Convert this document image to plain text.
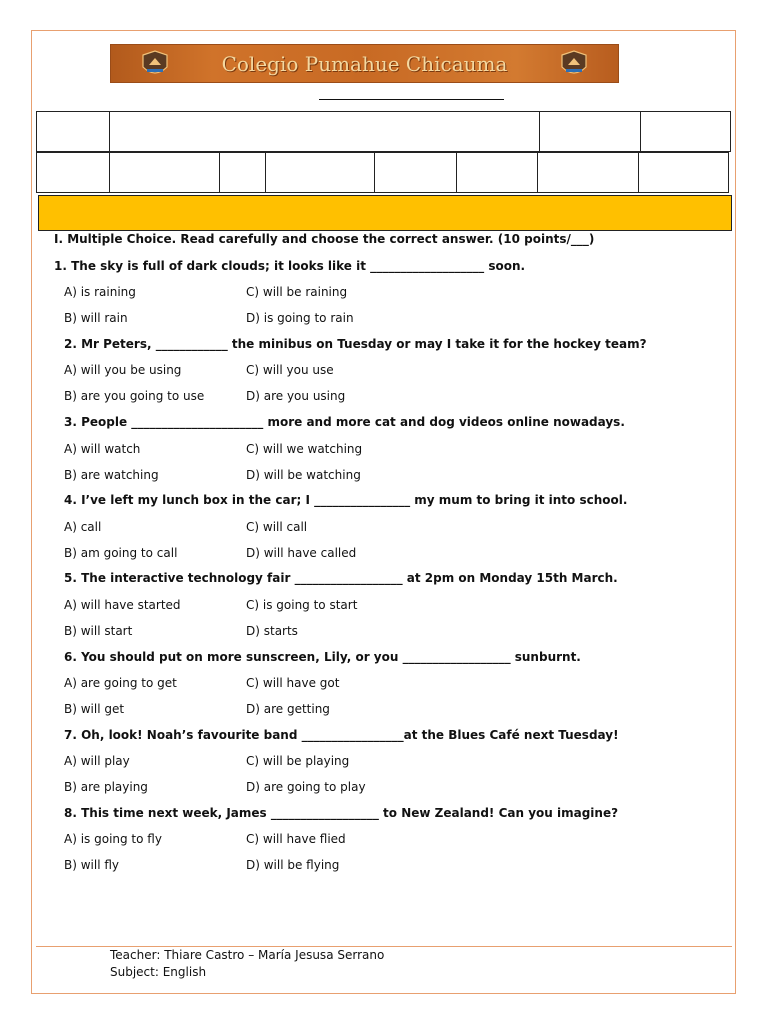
Colegio Pumahue Chicauma

I. Multiple Choice. Read carefully and choose the correct answer. (10 points/___)
1. The sky is full of dark clouds; it looks like it ___________________ soon.
A) is raining	C) will be raining
B) will rain	D) is going to rain
2. Mr Peters, ____________ the minibus on Tuesday or may I take it for the hockey team?
A) will you be using	C) will you use
B) are you going to use	D) are you using
3. People ______________________ more and more cat and dog videos online nowadays.
A) will watch	C) will we watching
B) are watching	D) will be watching
4. I’ve left my lunch box in the car; I ________________ my mum to bring it into school.
A) call	C) will call
B) am going to call	D) will have called
5. The interactive technology fair __________________ at 2pm on Monday 15th March.
A) will have started	C) is going to start
B) will start	D) starts
6. You should put on more sunscreen, Lily, or you __________________ sunburnt.
A) are going to get	C) will have got
B) will get	D) are getting
7. Oh, look! Noah’s favourite band _________________at the Blues Café next Tuesday!
A) will play	C) will be playing
B) are playing	D) are going to play
8. This time next week, James __________________ to New Zealand! Can you imagine?
A) is going to fly	C) will have flied
B) will fly	D) will be flying
Teacher: Thiare Castro – María Jesusa Serrano
Subject: English
